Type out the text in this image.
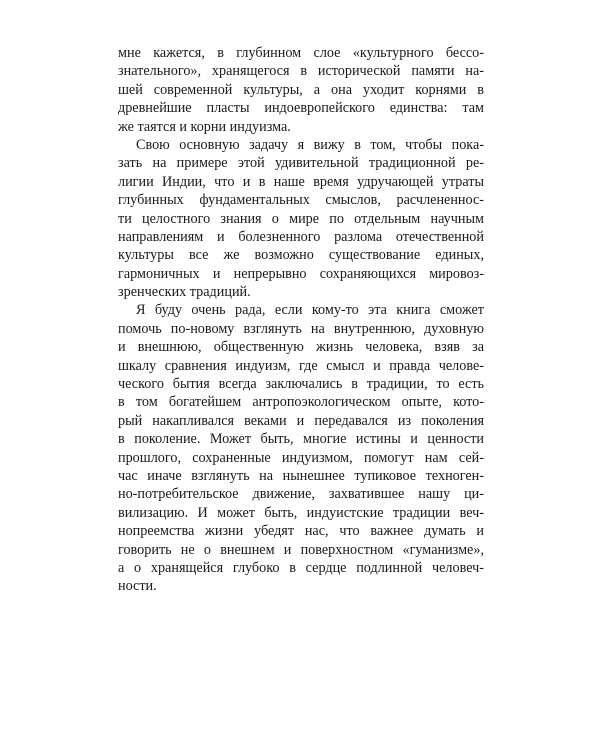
мне кажется, в глубинном слое «культурного бессо-
знательного», хранящегося в исторической памяти на-
шей современной культуры, а она уходит корнями в
древнейшие пласты индоевропейского единства: там
же таятся и корни индуизма.
Свою основную задачу я вижу в том, чтобы пока-
зать на примере этой удивительной традиционной ре-
лигии Индии, что и в наше время удручающей утраты
глубинных фундаментальных смыслов, расчлененнос-
ти целостного знания о мире по отдельным научным
направлениям и болезненного разлома отечественной
культуры все же возможно существование единых,
гармоничных и непрерывно сохраняющихся мировоз-
зренческих традиций.
Я буду очень рада, если кому-то эта книга сможет
помочь по-новому взглянуть на внутреннюю, духовную
и внешнюю, общественную жизнь человека, взяв за
шкалу сравнения индуизм, где смысл и правда челове-
ческого бытия всегда заключались в традиции, то есть
в том богатейшем антропоэкологическом опыте, кото-
рый накапливался веками и передавался из поколения
в поколение. Может быть, многие истины и ценности
прошлого, сохраненные индуизмом, помогут нам сей-
час иначе взглянуть на нынешнее тупиковое техноген-
но-потребительское движение, захватившее нашу ци-
вилизацию. И может быть, индуистские традиции веч-
нопреемства жизни убедят нас, что важнее думать и
говорить не о внешнем и поверхностном «гуманизме»,
а о хранящейся глубоко в сердце подлинной человеч-
ности.
